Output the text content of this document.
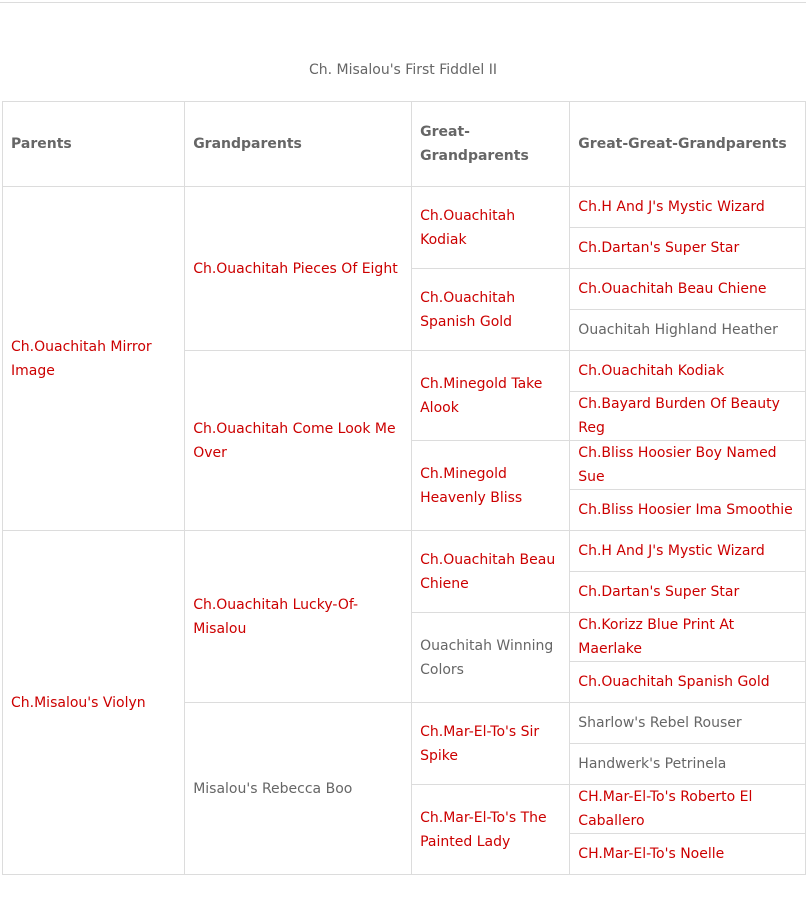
Ch. Misalou's First Fiddlel II
Parents	Grandparents	Great-Grandparents	Great-Great-Grandparents
Ch.Ouachitah Mirror Image	Ch.Ouachitah Pieces Of Eight	Ch.Ouachitah Kodiak	Ch.H And J's Mystic Wizard
			Ch.Dartan's Super Star
		Ch.Ouachitah Spanish Gold	Ch.Ouachitah Beau Chiene
			Ouachitah Highland Heather
	Ch.Ouachitah Come Look Me Over	Ch.Minegold Take Alook	Ch.Ouachitah Kodiak
			Ch.Bayard Burden Of Beauty Reg
		Ch.Minegold Heavenly Bliss	Ch.Bliss Hoosier Boy Named Sue
			Ch.Bliss Hoosier Ima Smoothie
Ch.Misalou's Violyn	Ch.Ouachitah Lucky-Of-Misalou	Ch.Ouachitah Beau Chiene	Ch.H And J's Mystic Wizard
			Ch.Dartan's Super Star
		Ouachitah Winning Colors	Ch.Korizz Blue Print At Maerlake
			Ch.Ouachitah Spanish Gold
	Misalou's Rebecca Boo	Ch.Mar-El-To's Sir Spike	Sharlow's Rebel Rouser
			Handwerk's Petrinela
		Ch.Mar-El-To's The Painted Lady	CH.Mar-El-To's Roberto El Caballero
			CH.Mar-El-To's Noelle
